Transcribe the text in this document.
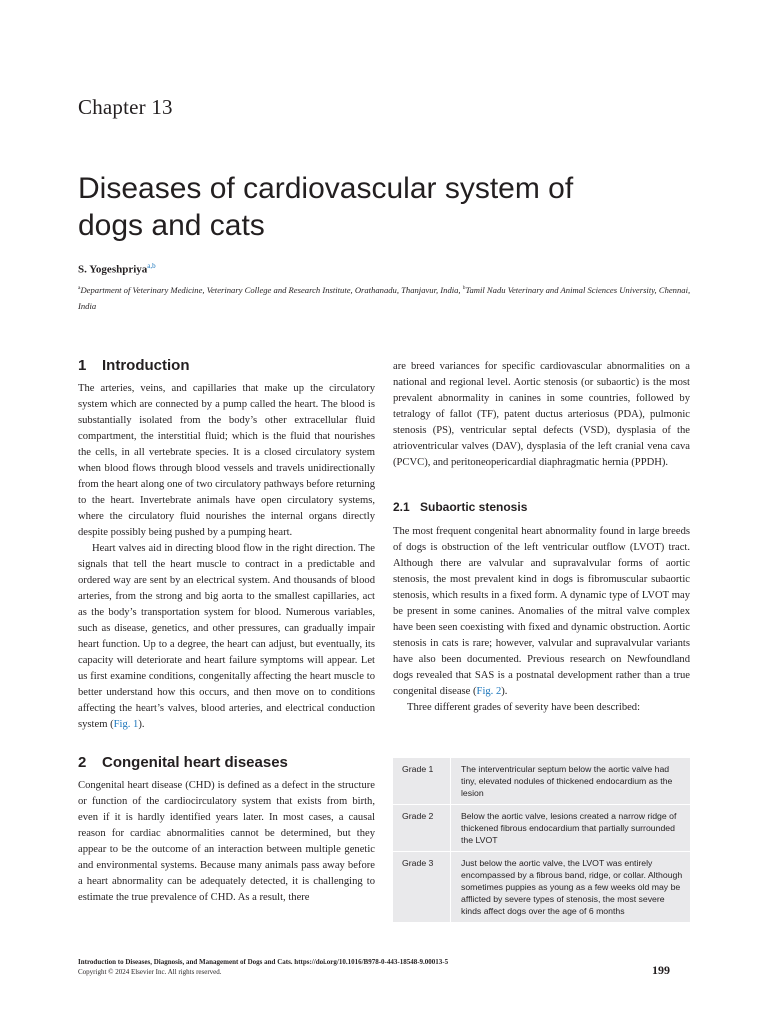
Chapter 13
Diseases of cardiovascular system of
dogs and cats
S. Yogeshpriya$^{a,b}$
$^a$Department of Veterinary Medicine, Veterinary College and Research Institute, Orathanadu, Thanjavur, India, $^b$Tamil Nadu Veterinary and Animal Sciences University, Chennai, India
1 Introduction

The arteries, veins, and capillaries that make up the circulatory system which are connected by a pump called the heart. The blood is substantially isolated from the body’s other extracellular fluid compartment, the interstitial fluid; which is the fluid that nourishes the cells, in all vertebrate species. It is a closed circulatory system when blood flows through blood vessels and travels unidirectionally from the heart along one of two circulatory pathways before returning to the heart. Invertebrate animals have open circulatory systems, where the circulatory fluid nourishes the internal organs directly despite possibly being pushed by a pumping heart.

Heart valves aid in directing blood flow in the right direction. The signals that tell the heart muscle to contract in a predictable and ordered way are sent by an electrical system. And thousands of blood arteries, from the strong and big aorta to the smallest capillaries, act as the body’s transportation system for blood. Numerous variables, such as disease, genetics, and other pressures, can gradually impair heart function. Up to a degree, the heart can adjust, but eventually, its capacity will deteriorate and heart failure symptoms will appear. Let us first examine conditions, congenitally affecting the heart muscle to better understand how this occurs, and then move on to conditions affecting the heart’s valves, blood arteries, and electrical conduction system (Fig. 1).

2 Congenital heart diseases

Congenital heart disease (CHD) is defined as a defect in the structure or function of the cardiocirculatory system that exists from birth, even if it is hardly identified years later. In most cases, a causal reason for cardiac abnormalities cannot be determined, but they appear to be the outcome of an interaction between multiple genetic and environmental systems. Because many animals pass away before a heart abnormality can be adequately detected, it is challenging to estimate the true prevalence of CHD. As a result, there

are breed variances for specific cardiovascular abnormalities on a national and regional level. Aortic stenosis (or subaortic) is the most prevalent abnormality in canines in some countries, followed by tetralogy of fallot (TF), patent ductus arteriosus (PDA), pulmonic stenosis (PS), ventricular septal defects (VSD), dysplasia of the atrioventricular valves (DAV), dysplasia of the left cranial vena cava (PCVC), and peritoneopericardial diaphragmatic hernia (PPDH).

2.1 Subaortic stenosis

The most frequent congenital heart abnormality found in large breeds of dogs is obstruction of the left ventricular outflow (LVOT) tract. Although there are valvular and supravalvular forms of aortic stenosis, the most prevalent kind in dogs is fibromuscular subaortic stenosis, which results in a fixed form. A dynamic type of LVOT may be present in some canines. Anomalies of the mitral valve complex have been seen coexisting with fixed and dynamic obstruction. Aortic stenosis in cats is rare; however, valvular and supravalvular variants have also been documented. Previous research on Newfoundland dogs revealed that SAS is a postnatal development rather than a true congenital disease (Fig. 2).

Three different grades of severity have been described:

Grade 1	The interventricular septum below the aortic valve had tiny, elevated nodules of thickened endocardium as the lesion
Grade 2	Below the aortic valve, lesions created a narrow ridge of thickened fibrous endocardium that partially surrounded the LVOT
Grade 3	Just below the aortic valve, the LVOT was entirely encompassed by a fibrous band, ridge, or collar. Although sometimes puppies as young as a few weeks old may be afflicted by severe types of stenosis, the most severe kinds affect dogs over the age of 6 months
Introduction to Diseases, Diagnosis, and Management of Dogs and Cats. https://doi.org/10.1016/B978-0-443-18548-9.00013-5
Copyright © 2024 Elsevier Inc. All rights reserved.	199
